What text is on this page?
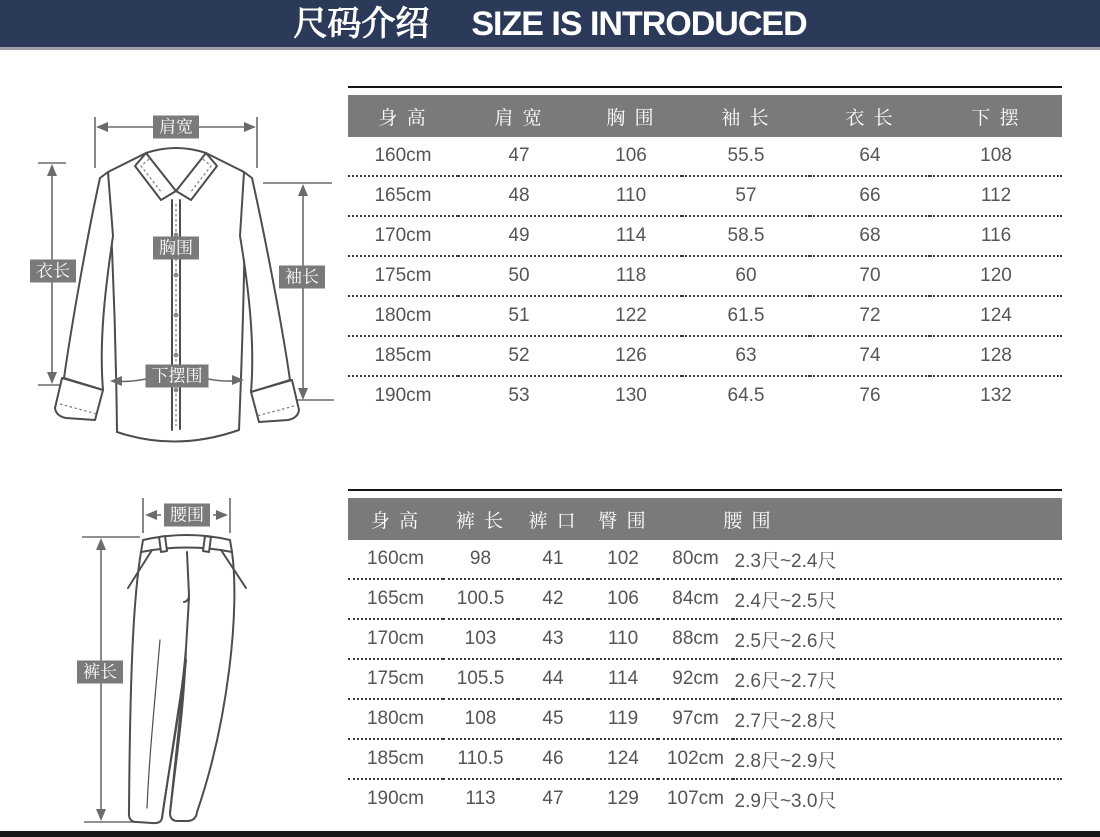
尺码介绍 SIZE IS INTRODUCED
肩宽
胸围
衣长	袖长
下摆围
身 高	肩 宽	胸 围	袖 长	衣 长	下 摆
160cm	47	106	55.5	64	108
165cm	48	110	57	66	112
170cm	49	114	58.5	68	116
175cm	50	118	60	70	120
180cm	51	122	61.5	72	124
185cm	52	126	63	74	128
190cm	53	130	64.5	76	132
腰围
裤长
身 高	裤 长	裤 口	臀 围	腰 围		
160cm	98	41	102	80cm	2.3尺~2.4尺	
165cm	100.5	42	106	84cm	2.4尺~2.5尺	
170cm	103	43	110	88cm	2.5尺~2.6尺	
175cm	105.5	44	114	92cm	2.6尺~2.7尺	
180cm	108	45	119	97cm	2.7尺~2.8尺	
185cm	110.5	46	124	102cm	2.8尺~2.9尺	
190cm	113	47	129	107cm	2.9尺~3.0尺	
